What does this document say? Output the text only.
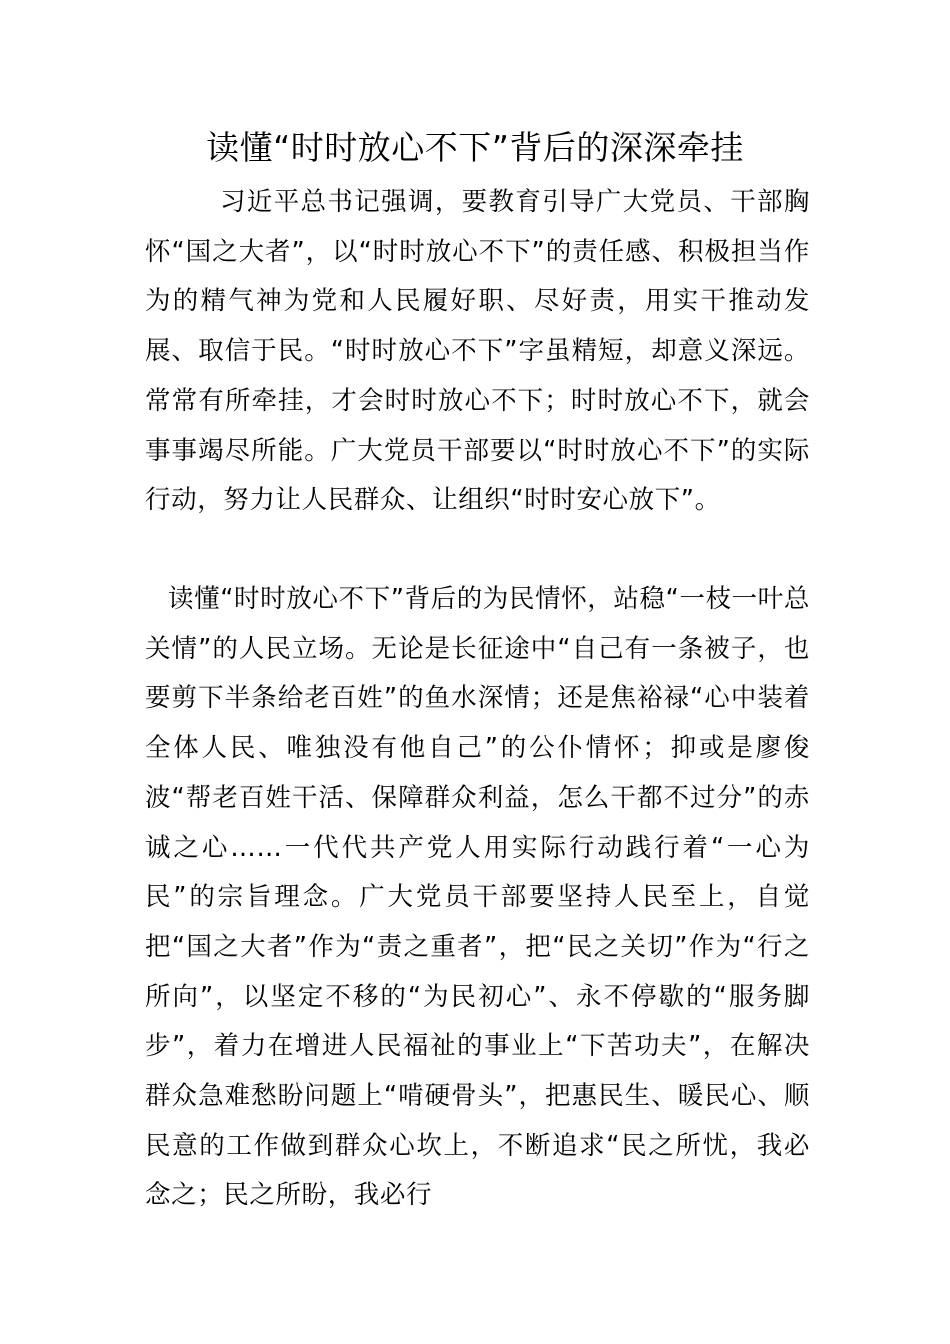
读懂“时时放心不下”背后的深深牵挂

习近平总书记强调，要教育引导广大党员、干部胸怀“国之大者”，以“时时放心不下”的责任感、积极担当作为的精气神为党和人民履好职、尽好责，用实干推动发展、取信于民。“时时放心不下”字虽精短，却意义深远。常常有所牵挂，才会时时放心不下；时时放心不下，就会事事竭尽所能。广大党员干部要以“时时放心不下”的实际行动，努力让人民群众、让组织“时时安心放下”。

读懂“时时放心不下”背后的为民情怀，站稳“一枝一叶总关情”的人民立场。无论是长征途中“自己有一条被子，也要剪下半条给老百姓”的鱼水深情；还是焦裕禄“心中装着全体人民、唯独没有他自己”的公仆情怀；抑或是廖俊波“帮老百姓干活、保障群众利益，怎么干都不过分”的赤诚之心……一代代共产党人用实际行动践行着“一心为民”的宗旨理念。广大党员干部要坚持人民至上，自觉把“国之大者”作为“责之重者”，把“民之关切”作为“行之所向”，以坚定不移的“为民初心”、永不停歇的“服务脚步”，着力在增进人民福祉的事业上“下苦功夫”，在解决群众急难愁盼问题上“啃硬骨头”，把惠民生、暖民心、顺民意的工作做到群众心坎上，不断追求“民之所忧，我必念之；民之所盼，我必行
